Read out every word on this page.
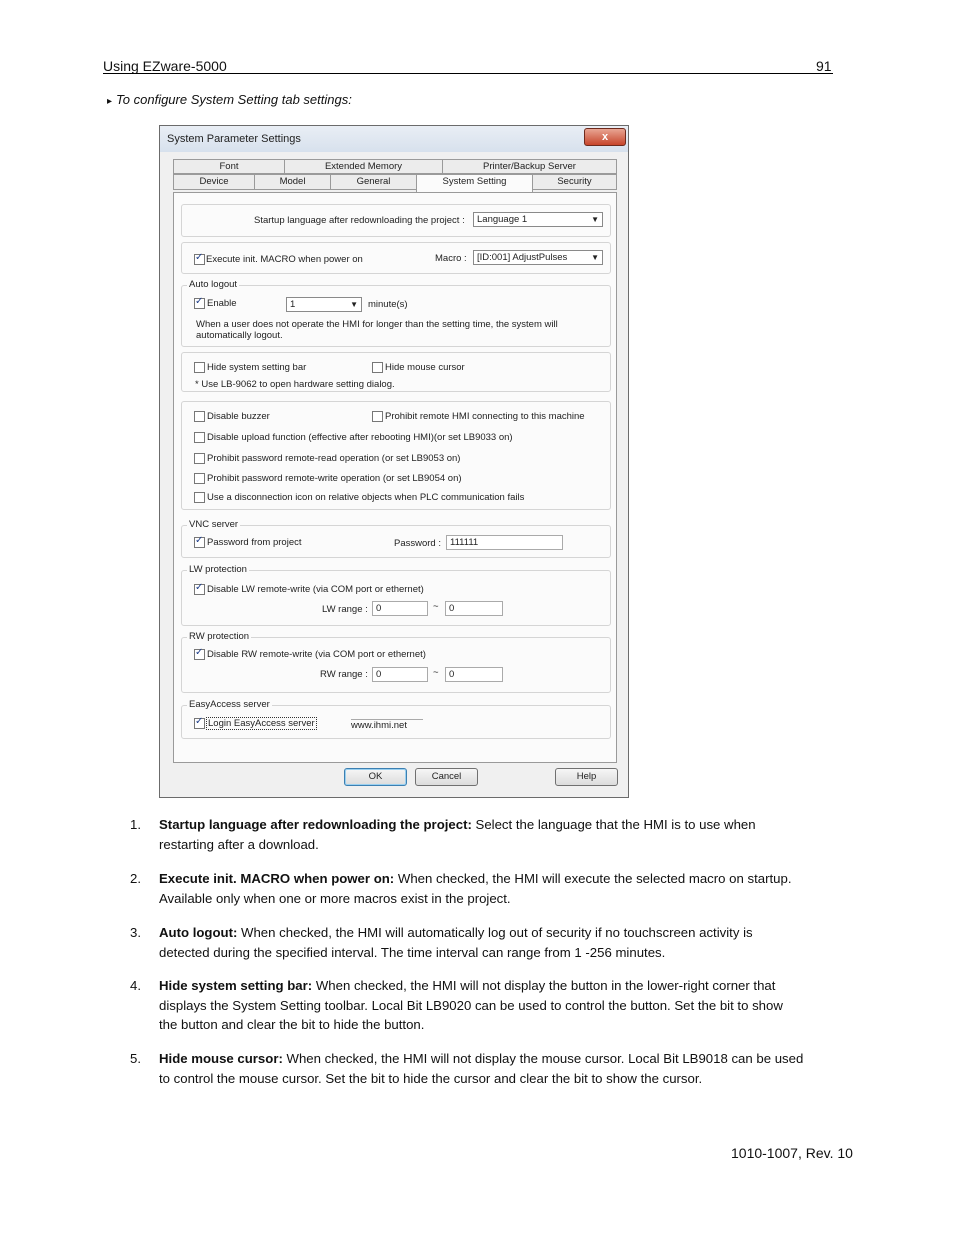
Using EZware-5000	91
▸ To configure System Setting tab settings:
System Parameter Settings	x
Font	Extended Memory	Printer/Backup Server
Device	Model	General	System Setting	Security
Startup language after redownloading the project :	Language 1	▼
✓
Execute init. MACRO when power on	Macro :	[ID:001] AdjustPulses	▼
Auto logout
✓
Enable	1	▼ minute(s)
When a user does not operate the HMI for longer than the setting time, the system will
automatically logout.
Hide system setting bar	Hide mouse cursor
* Use LB-9062 to open hardware setting dialog.
Disable buzzer	Prohibit remote HMI connecting to this machine
Disable upload function (effective after rebooting HMI)(or set LB9033 on)
Prohibit password remote-read operation (or set LB9053 on)
Prohibit password remote-write operation (or set LB9054 on)
Use a disconnection icon on relative objects when PLC communication fails
VNC server
✓
Password from project	Password : 111111
LW protection
✓
Disable LW remote-write (via COM port or ethernet)
LW range : 0	~	0
RW protection
✓
Disable RW remote-write (via COM port or ethernet)
RW range : 0	~	0
EasyAccess server
✓
Login EasyAccess server	www.ihmi.net
OK	Cancel	Help
1. Startup language after redownloading the project: Select the language that the HMI is to use when
restarting after a download.
2. Execute init. MACRO when power on: When checked, the HMI will execute the selected macro on startup.
Available only when one or more macros exist in the project.
3. Auto logout: When checked, the HMI will automatically log out of security if no touchscreen activity is
detected during the specified interval. The time interval can range from 1 -256 minutes.
4. Hide system setting bar: When checked, the HMI will not display the button in the lower-right corner that
displays the System Setting toolbar. Local Bit LB9020 can be used to control the button. Set the bit to show
the button and clear the bit to hide the button.
5. Hide mouse cursor: When checked, the HMI will not display the mouse cursor. Local Bit LB9018 can be used
to control the mouse cursor. Set the bit to hide the cursor and clear the bit to show the cursor.
1010-1007, Rev. 10
